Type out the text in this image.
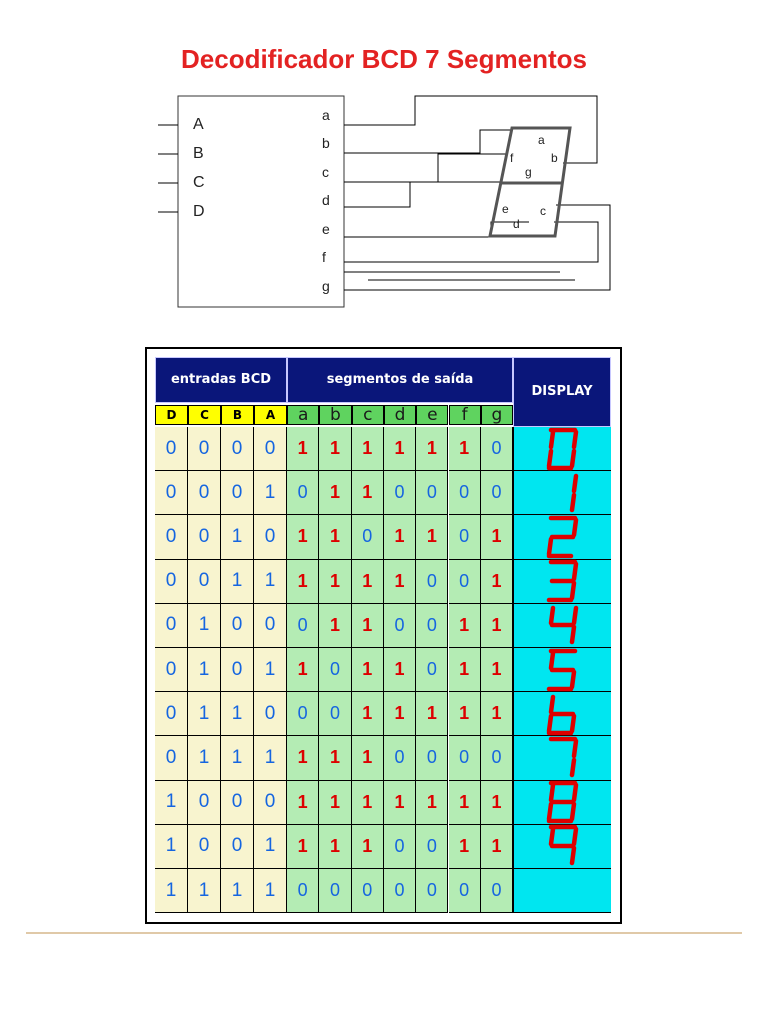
Decodificador BCD 7 Segmentos
A
B
C
D
a
b
c
d
e
f
g
a
b
c
d
e
f
g
entradas BCD	segmentos de saída
DISPLAY
D	C	B	A	a	b	c	d	e	f	g
0	0	0	0	1	1	1	1	1	1	0
0	0	0	1	0	1	1	0	0	0	0
0	0	1	0	1	1	0	1	1	0	1
0	0	1	1	1	1	1	1	0	0	1
0	1	0	0	0	1	1	0	0	1	1
0	1	0	1	1	0	1	1	0	1	1
0	1	1	0	0	0	1	1	1	1	1
0	1	1	1	1	1	1	0	0	0	0
1	0	0	0	1	1	1	1	1	1	1
1	0	0	1	1	1	1	0	0	1	1
1	1	1	1	0	0	0	0	0	0	0
